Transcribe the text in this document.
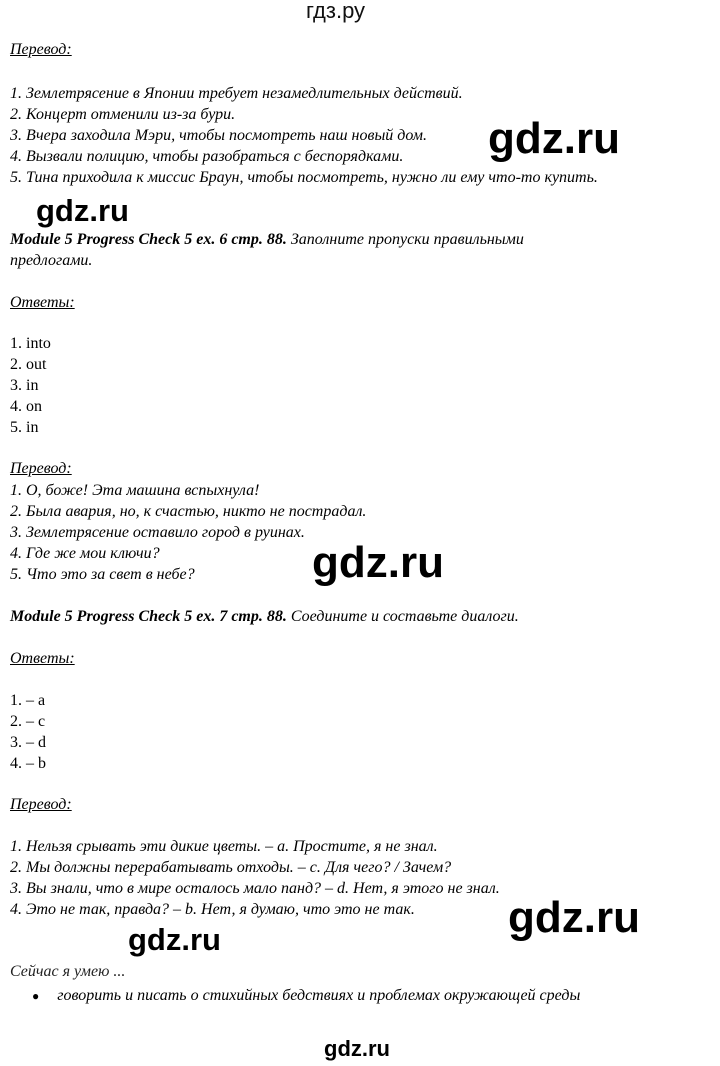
гдз.ру
Перевод:
1. Землетрясение в Японии требует незамедлительных действий.
2. Концерт отменили из-за бури.
3. Вчера заходила Мэри, чтобы посмотреть наш новый дом.
4. Вызвали полицию, чтобы разобраться с беспорядками.
5. Тина приходила к миссис Браун, чтобы посмотреть, нужно ли ему что-то купить.
gdz.ru
gdz.ru
Module 5 Progress Check 5 ex. 6 стр. 88. Заполните пропуски правильными
предлогами.
Ответы:
1. into
2. out
3. in
4. on
5. in
Перевод:
1. О, боже! Эта машина вспыхнула!
2. Была авария, но, к счастью, никто не пострадал.
3. Землетрясение оставило город в руинах.
4. Где же мои ключи?
5. Что это за свет в небе?	gdz.ru
Module 5 Progress Check 5 ex. 7 стр. 88. Соедините и составьте диалоги.
Ответы:
1. – a
2. – c
3. – d
4. – b
Перевод:
1. Нельзя срывать эти дикие цветы. – a. Простите, я не знал.
2. Мы должны перерабатывать отходы. – c. Для чего? / Зачем?
3. Вы знали, что в мире осталось мало панд? – d. Нет, я этого не знал.
4. Это не так, правда? – b. Нет, я думаю, что это не так. gdz.ru
gdz.ru
Сейчас я умею ...
● говорить и писать о стихийных бедствиях и проблемах окружающей среды
gdz.ru
